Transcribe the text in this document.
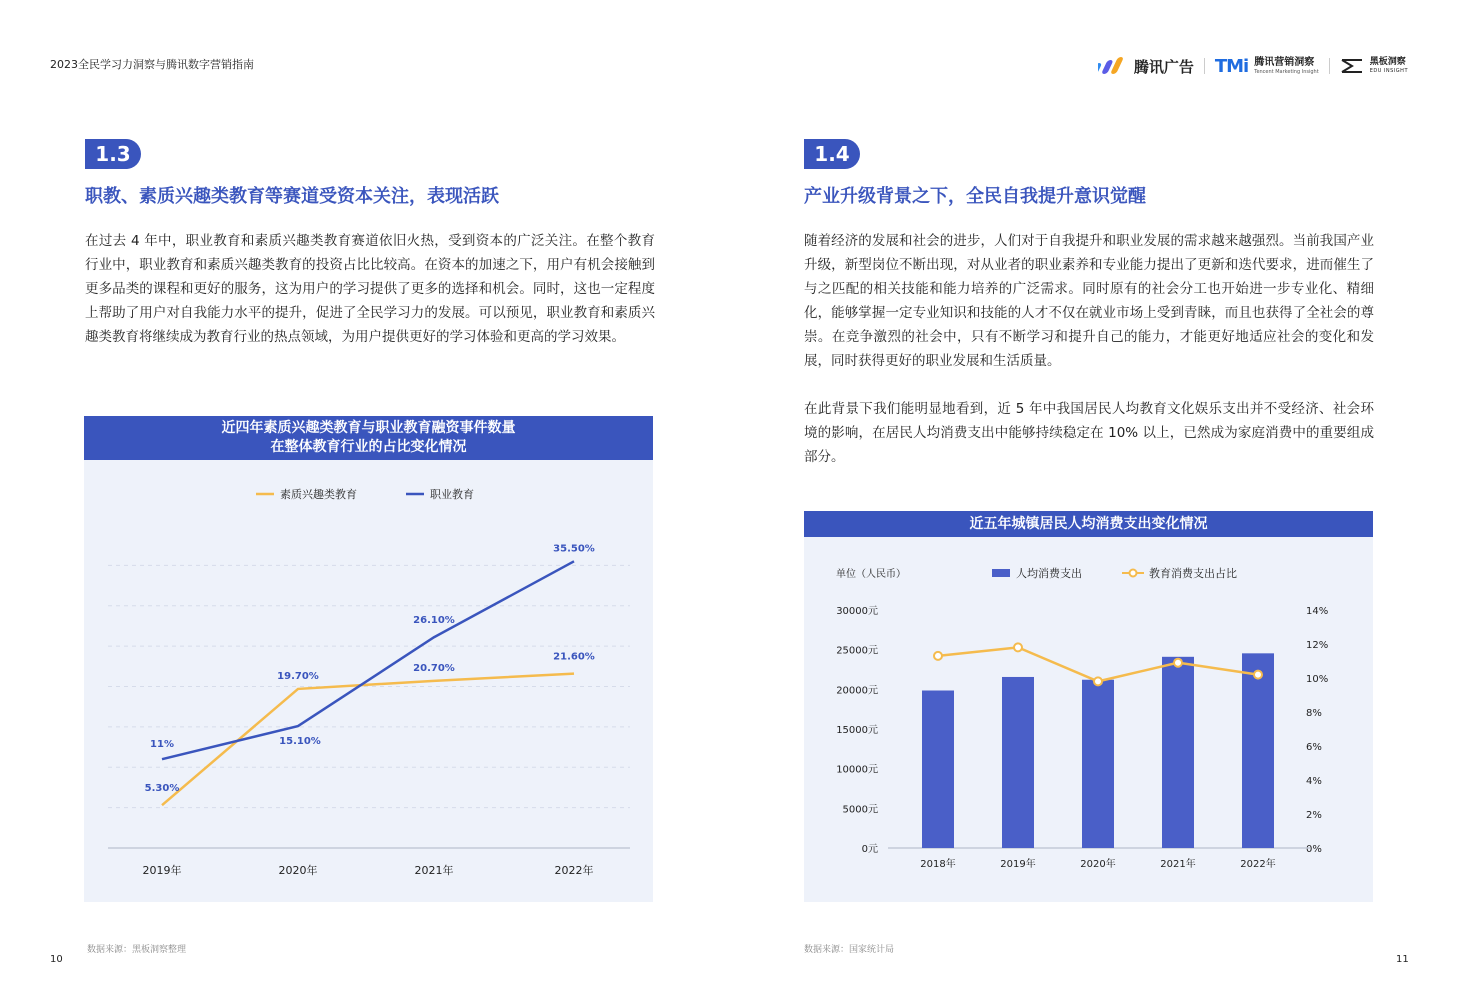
2023全民学习力洞察与腾讯数字营销指南	腾讯广告 TMi 腾讯营销洞察
Tencent Marketing Insight
黑板洞察
EDU INSIGHT
1.3
职教、素质兴趣类教育等赛道受资本关注，表现活跃
在过去 4 年中，职业教育和素质兴趣类教育赛道依旧火热，受到资本的广泛关注。在整个教育行业中，职业教育和素质兴趣类教育的投资占比比较高。在资本的加速之下，用户有机会接触到更多品类的课程和更好的服务，这为用户的学习提供了更多的选择和机会。同时，这也一定程度上帮助了用户对自我能力水平的提升，促进了全民学习力的发展。可以预见，职业教育和素质兴趣类教育将继续成为教育行业的热点领域，为用户提供更好的学习体验和更高的学习效果。
近四年素质兴趣类教育与职业教育融资事件数量
在整体教育行业的占比变化情况
素质兴趣类教育	职业教育
2019年	2020年	2021年	2022年
5.30%
19.70%
20.70%
21.60%
11%	15.10%
26.10%
35.50%
数据来源：黑板洞察整理
10
1.4
产业升级背景之下，全民自我提升意识觉醒
随着经济的发展和社会的进步，人们对于自我提升和职业发展的需求越来越强烈。当前我国产业升级，新型岗位不断出现，对从业者的职业素养和专业能力提出了更新和迭代要求，进而催生了与之匹配的相关技能和能力培养的广泛需求。同时原有的社会分工也开始进一步专业化、精细化，能够掌握一定专业知识和技能的人才不仅在就业市场上受到青睐，而且也获得了全社会的尊崇。在竞争激烈的社会中，只有不断学习和提升自己的能力，才能更好地适应社会的变化和发展，同时获得更好的职业发展和生活质量。
在此背景下我们能明显地看到，近 5 年中我国居民人均教育文化娱乐支出并不受经济、社会环境的影响，在居民人均消费支出中能够持续稳定在 10% 以上，已然成为家庭消费中的重要组成部分。
近五年城镇居民人均消费支出变化情况
单位（人民币）	人均消费支出	教育消费支出占比
0元
5000元
10000元
15000元
20000元
25000元
30000元
0%
2%
4%
6%
8%
10%
12%
14%
2018年	2019年	2020年	2021年	2022年
数据来源：国家统计局
11
